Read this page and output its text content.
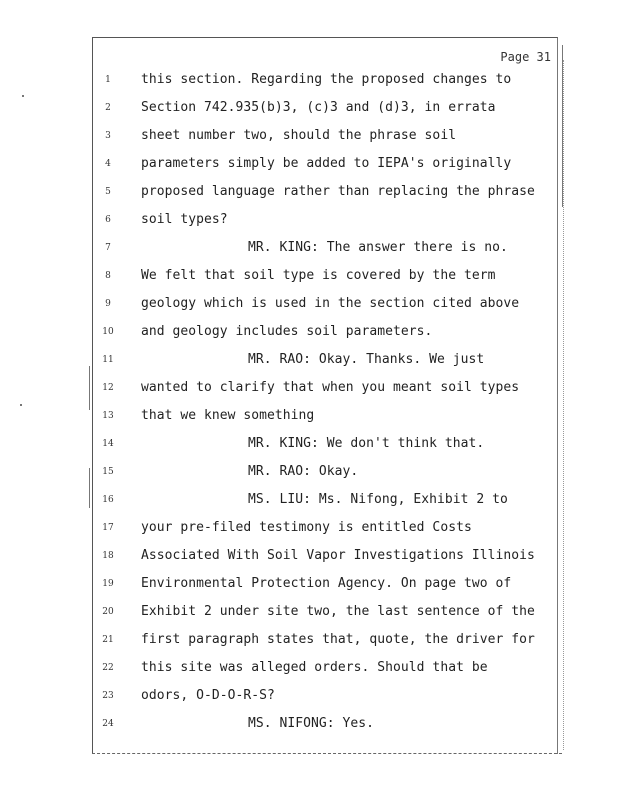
Page 31
1	this section. Regarding the proposed changes to
2	Section 742.935(b)3, (c)3 and (d)3, in errata
3	sheet number two, should the phrase soil
4	parameters simply be added to IEPA's originally
5	proposed language rather than replacing the phrase
6	soil types?
7	MR. KING: The answer there is no.
8	We felt that soil type is covered by the term
9	geology which is used in the section cited above
10	and geology includes soil parameters.
11	MR. RAO: Okay. Thanks. We just
12	wanted to clarify that when you meant soil types
13	that we knew something
14	MR. KING: We don't think that.
15	MR. RAO: Okay.
16	MS. LIU: Ms. Nifong, Exhibit 2 to
17	your pre-filed testimony is entitled Costs
18	Associated With Soil Vapor Investigations Illinois
19	Environmental Protection Agency. On page two of
20	Exhibit 2 under site two, the last sentence of the
21	first paragraph states that, quote, the driver for
22	this site was alleged orders. Should that be
23	odors, O-D-O-R-S?
24	MS. NIFONG: Yes.
